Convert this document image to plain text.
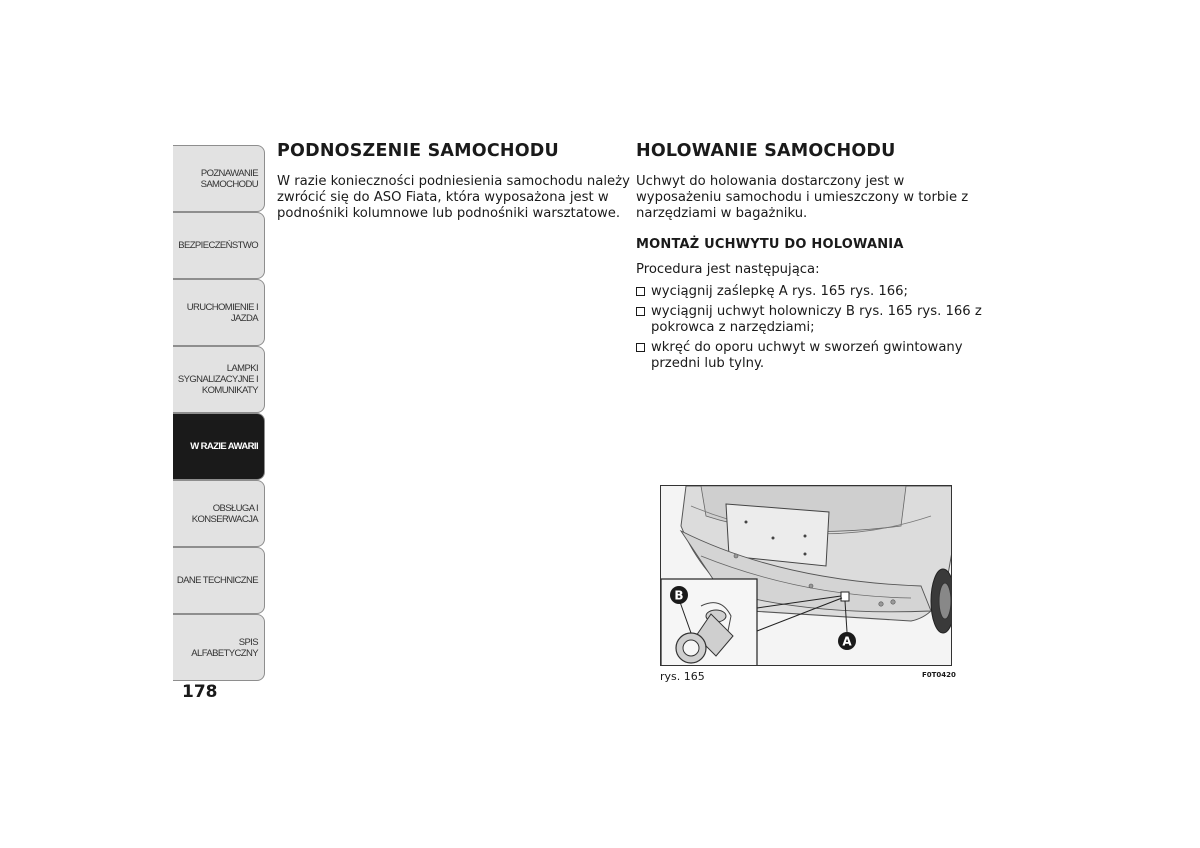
POZNAWANIE
SAMOCHODU
BEZPIECZEŃSTWO
URUCHOMIENIE I
JAZDA
LAMPKI
SYGNALIZACYJNE I
KOMUNIKATY
W RAZIE AWARII
OBSŁUGA I
KONSERWACJA
DANE TECHNICZNE
SPIS ALFABETYCZNY
178
PODNOSZENIE SAMOCHODU
W razie konieczności podniesienia samochodu należy
zwrócić się do ASO Fiata, która wyposażona jest w
podnośniki kolumnowe lub podnośniki warsztatowe.
HOLOWANIE SAMOCHODU
Uchwyt do holowania dostarczony jest w
wyposażeniu samochodu i umieszczony w torbie z
narzędziami w bagażniku.
MONTAŻ UCHWYTU DO HOLOWANIA
Procedura jest następująca:
wyciągnij zaślepkę A rys. 165 rys. 166;
wyciągnij uchwyt holowniczy B rys. 165 rys. 166 z
pokrowca z narzędziami;
wkręć do oporu uchwyt w sworzeń gwintowany
przedni lub tylny.
B
A
rys. 165	F0T0420
